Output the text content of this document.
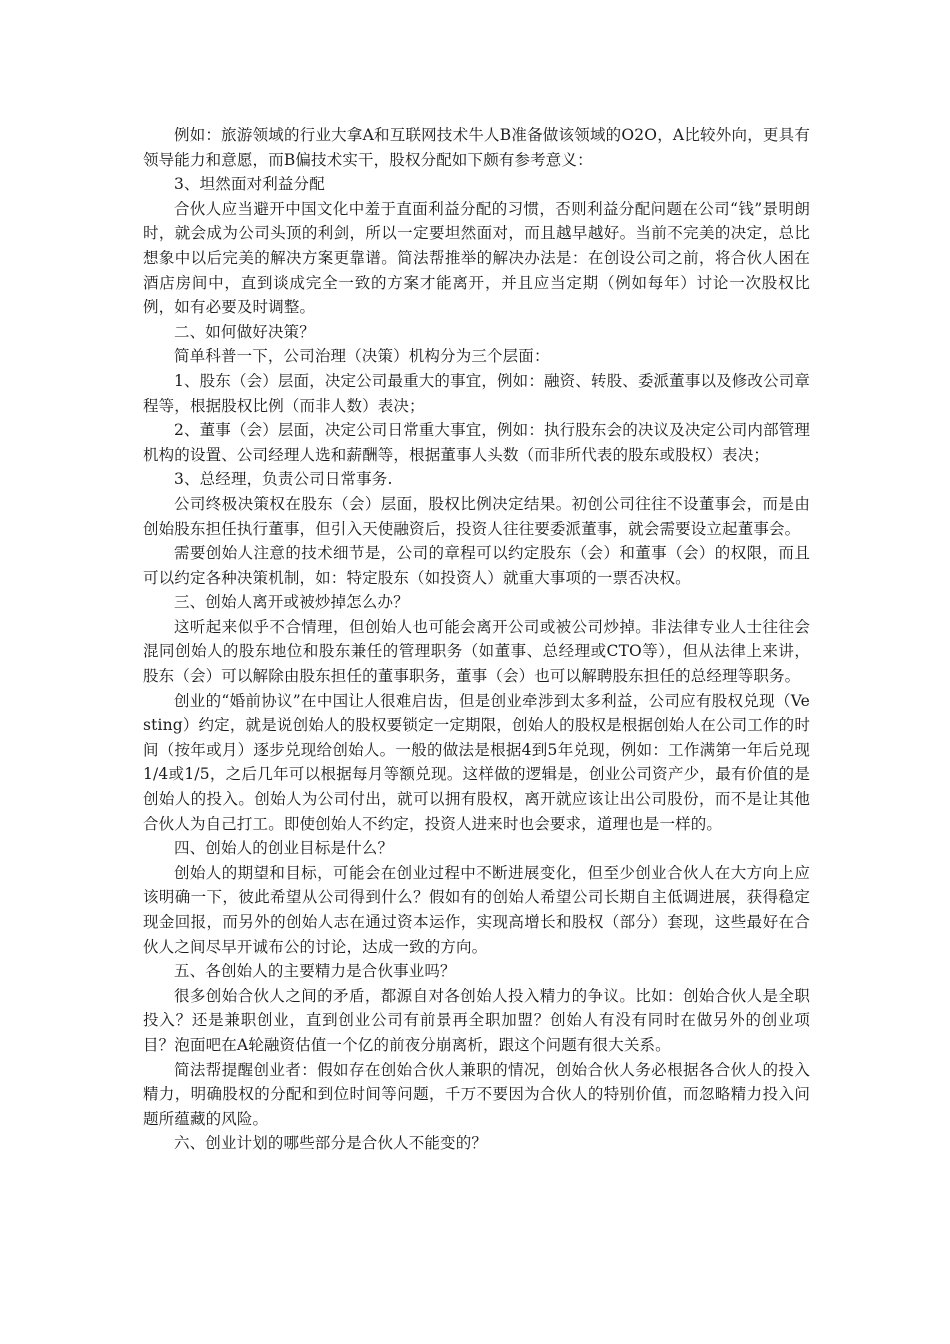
例如：旅游领域的行业大拿A和互联网技术牛人B准备做该领域的O2O，A比较外向，更具有领导能力和意愿，而B偏技术实干，股权分配如下颇有参考意义：

3、坦然面对利益分配

合伙人应当避开中国文化中羞于直面利益分配的习惯，否则利益分配问题在公司“钱”景明朗时，就会成为公司头顶的利剑，所以一定要坦然面对，而且越早越好。当前不完美的决定，总比想象中以后完美的解决方案更靠谱。简法帮推举的解决办法是：在创设公司之前，将合伙人困在酒店房间中，直到谈成完全一致的方案才能离开，并且应当定期（例如每年）讨论一次股权比例，如有必要及时调整。

二、如何做好决策？

简单科普一下，公司治理（决策）机构分为三个层面：

1、股东（会）层面，决定公司最重大的事宜，例如：融资、转股、委派董事以及修改公司章程等，根据股权比例（而非人数）表决；

2、董事（会）层面，决定公司日常重大事宜，例如：执行股东会的决议及决定公司内部管理机构的设置、公司经理人选和薪酬等，根据董事人头数（而非所代表的股东或股权）表决；

3、总经理，负责公司日常事务.

公司终极决策权在股东（会）层面，股权比例决定结果。初创公司往往不设董事会，而是由创始股东担任执行董事，但引入天使融资后，投资人往往要委派董事，就会需要设立起董事会。

需要创始人注意的技术细节是，公司的章程可以约定股东（会）和董事（会）的权限，而且可以约定各种决策机制，如：特定股东（如投资人）就重大事项的一票否决权。

三、创始人离开或被炒掉怎么办？

这听起来似乎不合情理，但创始人也可能会离开公司或被公司炒掉。非法律专业人士往往会混同创始人的股东地位和股东兼任的管理职务（如董事、总经理或CTO等），但从法律上来讲，股东（会）可以解除由股东担任的董事职务，董事（会）也可以解聘股东担任的总经理等职务。

创业的“婚前协议”在中国让人很难启齿，但是创业牵涉到太多利益，公司应有股权兑现（Vesting）约定，就是说创始人的股权要锁定一定期限，创始人的股权是根据创始人在公司工作的时间（按年或月）逐步兑现给创始人。一般的做法是根据4到5年兑现，例如：工作满第一年后兑现1/4或1/5，之后几年可以根据每月等额兑现。这样做的逻辑是，创业公司资产少，最有价值的是创始人的投入。创始人为公司付出，就可以拥有股权，离开就应该让出公司股份，而不是让其他合伙人为自己打工。即使创始人不约定，投资人进来时也会要求，道理也是一样的。

四、创始人的创业目标是什么？

创始人的期望和目标，可能会在创业过程中不断进展变化，但至少创业合伙人在大方向上应该明确一下，彼此希望从公司得到什么？假如有的创始人希望公司长期自主低调进展，获得稳定现金回报，而另外的创始人志在通过资本运作，实现高增长和股权（部分）套现，这些最好在合伙人之间尽早开诚布公的讨论，达成一致的方向。

五、各创始人的主要精力是合伙事业吗？

很多创始合伙人之间的矛盾，都源自对各创始人投入精力的争议。比如：创始合伙人是全职投入？还是兼职创业，直到创业公司有前景再全职加盟？创始人有没有同时在做另外的创业项目？泡面吧在A轮融资估值一个亿的前夜分崩离析，跟这个问题有很大关系。

简法帮提醒创业者：假如存在创始合伙人兼职的情况，创始合伙人务必根据各合伙人的投入精力，明确股权的分配和到位时间等问题，千万不要因为合伙人的特别价值，而忽略精力投入问题所蕴藏的风险。

六、创业计划的哪些部分是合伙人不能变的？
